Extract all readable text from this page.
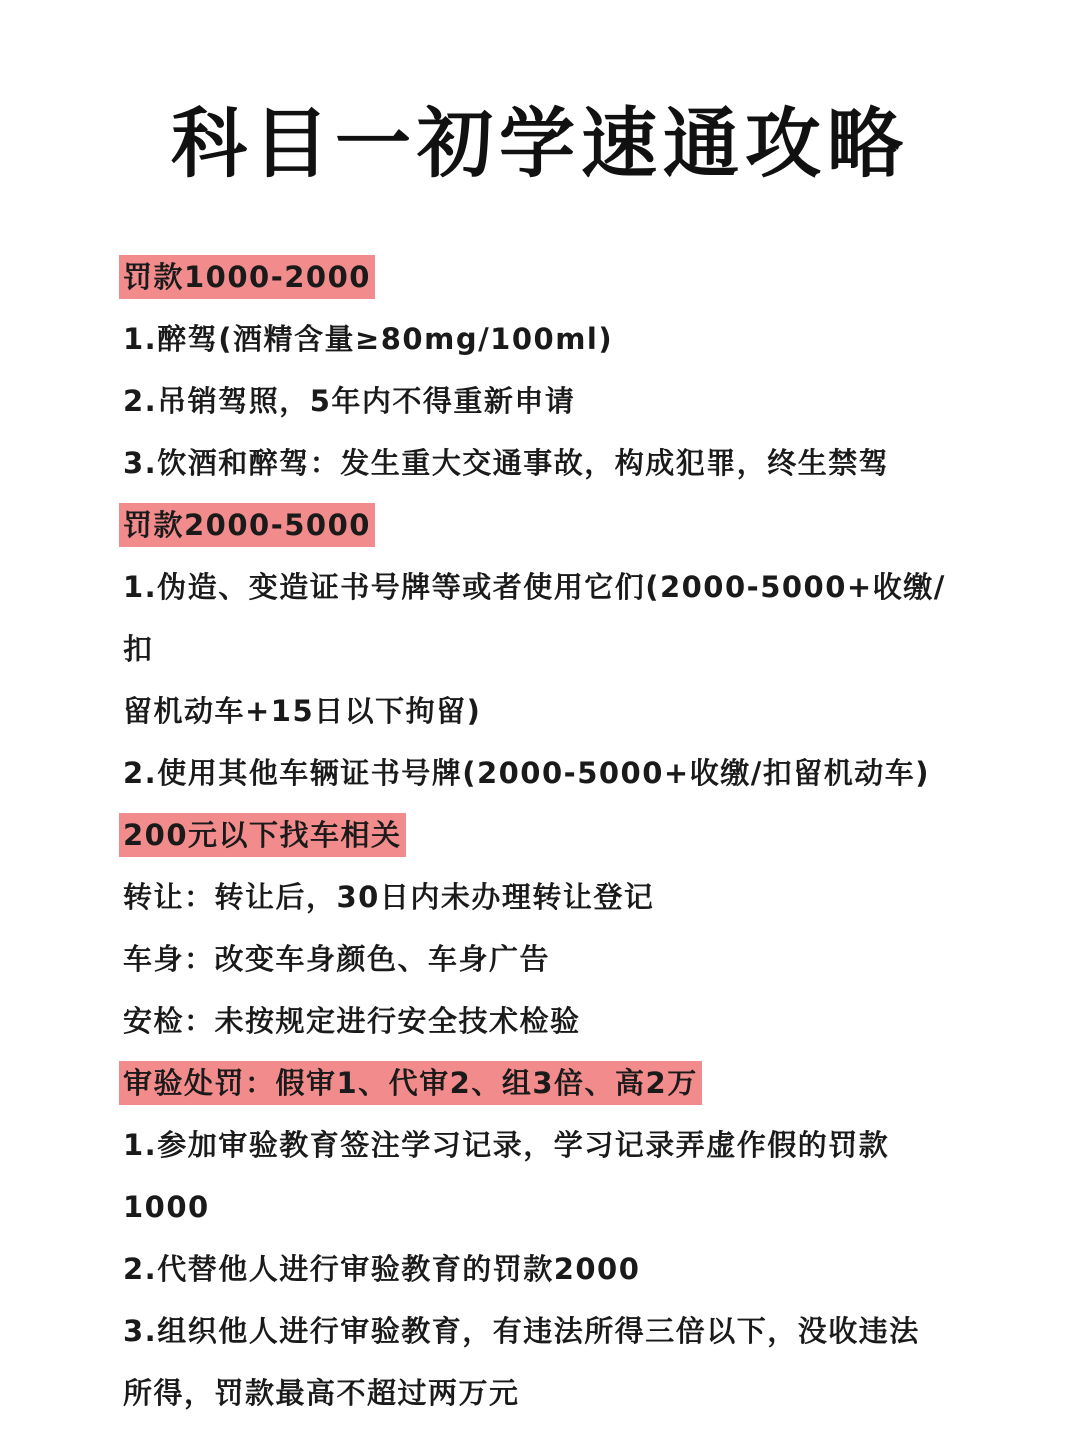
科目一初学速通攻略
罚款1000-2000
1.醉驾(酒精含量≥80mg/100ml)
2.吊销驾照，5年内不得重新申请
3.饮酒和醉驾：发生重大交通事故，构成犯罪，终生禁驾
罚款2000-5000
1.伪造、变造证书号牌等或者使用它们(2000-5000+收缴/
扣
留机动车+15日以下拘留)
2.使用其他车辆证书号牌(2000-5000+收缴/扣留机动车)
200元以下找车相关
转让：转让后，30日内未办理转让登记
车身：改变车身颜色、车身广告
安检：未按规定进行安全技术检验
审验处罚：假审1、代审2、组3倍、高2万
1.参加审验教育签注学习记录，学习记录弄虚作假的罚款
1000
2.代替他人进行审验教育的罚款2000
3.组织他人进行审验教育，有违法所得三倍以下，没收违法
所得，罚款最高不超过两万元
